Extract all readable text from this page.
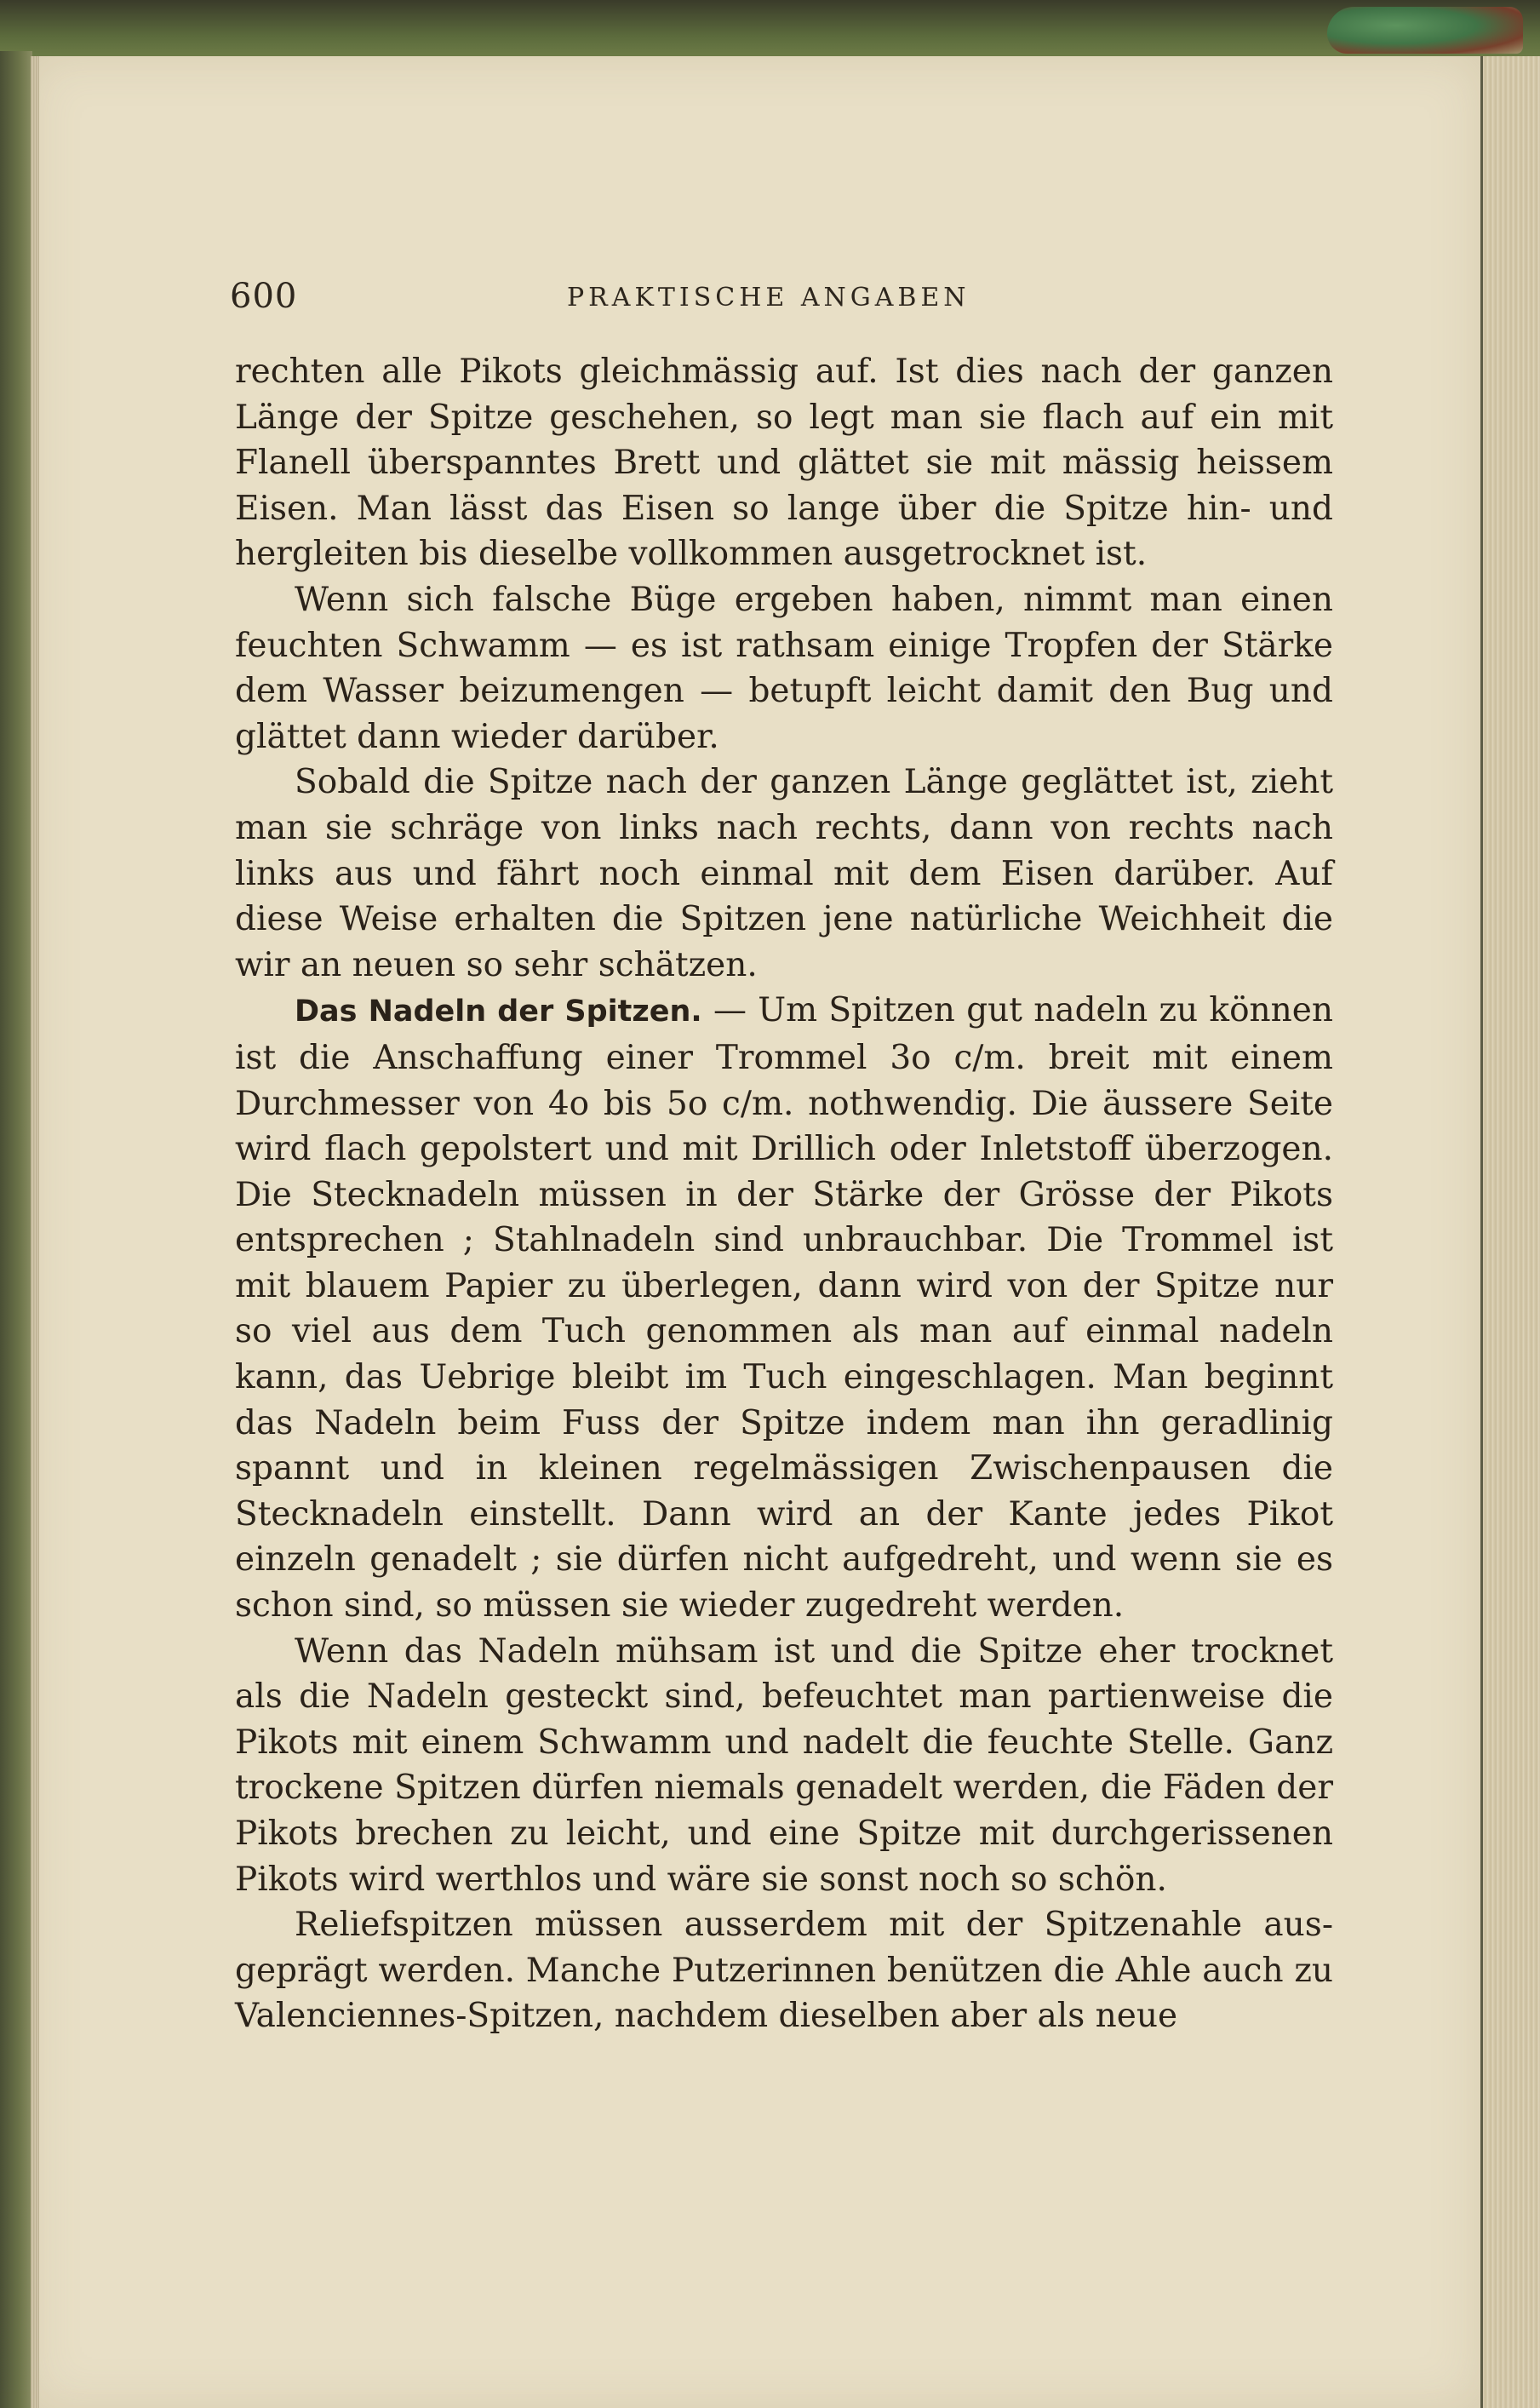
600	PRAKTISCHE ANGABEN

rechten alle Pikots gleichmässig auf. Ist dies nach der ganzen Länge der Spitze geschehen, so legt man sie flach auf ein mit Flanell überspanntes Brett und glättet sie mit mässig heissem Eisen. Man lässt das Eisen so lange über die Spitze hin- und hergleiten bis dieselbe vollkommen ausgetrocknet ist.

Wenn sich falsche Büge ergeben haben, nimmt man einen feuchten Schwamm — es ist rathsam einige Tropfen der Stärke dem Wasser beizumengen — betupft leicht damit den Bug und glättet dann wieder darüber.

Sobald die Spitze nach der ganzen Länge geglättet ist, zieht man sie schräge von links nach rechts, dann von rechts nach links aus und fährt noch einmal mit dem Eisen darüber. Auf diese Weise erhalten die Spitzen jene natürliche Weichheit die wir an neuen so sehr schätzen.

Das Nadeln der Spitzen. — Um Spitzen gut nadeln zu können ist die Anschaffung einer Trommel 3o c/m. breit mit einem Durchmesser von 4o bis 5o c/m. nothwendig. Die äussere Seite wird flach gepolstert und mit Drillich oder Inletstoff überzogen. Die Stecknadeln müssen in der Stärke der Grösse der Pikots entsprechen ; Stahlnadeln sind unbrauchbar. Die Trommel ist mit blauem Papier zu überlegen, dann wird von der Spitze nur so viel aus dem Tuch genommen als man auf einmal nadeln kann, das Uebrige bleibt im Tuch eingeschlagen. Man beginnt das Nadeln beim Fuss der Spitze indem man ihn geradlinig spannt und in kleinen regelmässigen Zwischenpausen die Stecknadeln einstellt. Dann wird an der Kante jedes Pikot einzeln genadelt ; sie dürfen nicht aufgedreht, und wenn sie es schon sind, so müssen sie wieder zugedreht werden.

Wenn das Nadeln mühsam ist und die Spitze eher trocknet als die Nadeln gesteckt sind, befeuchtet man partienweise die Pikots mit einem Schwamm und nadelt die feuchte Stelle. Ganz trockene Spitzen dürfen niemals genadelt werden, die Fäden der Pikots brechen zu leicht, und eine Spitze mit durchgerissenen Pikots wird werthlos und wäre sie sonst noch so schön.

Reliefspitzen müssen ausserdem mit der Spitzenahle ausgeprägt werden. Manche Putzerinnen benützen die Ahle auch zu Valenciennes-Spitzen, nachdem dieselben aber als neue
